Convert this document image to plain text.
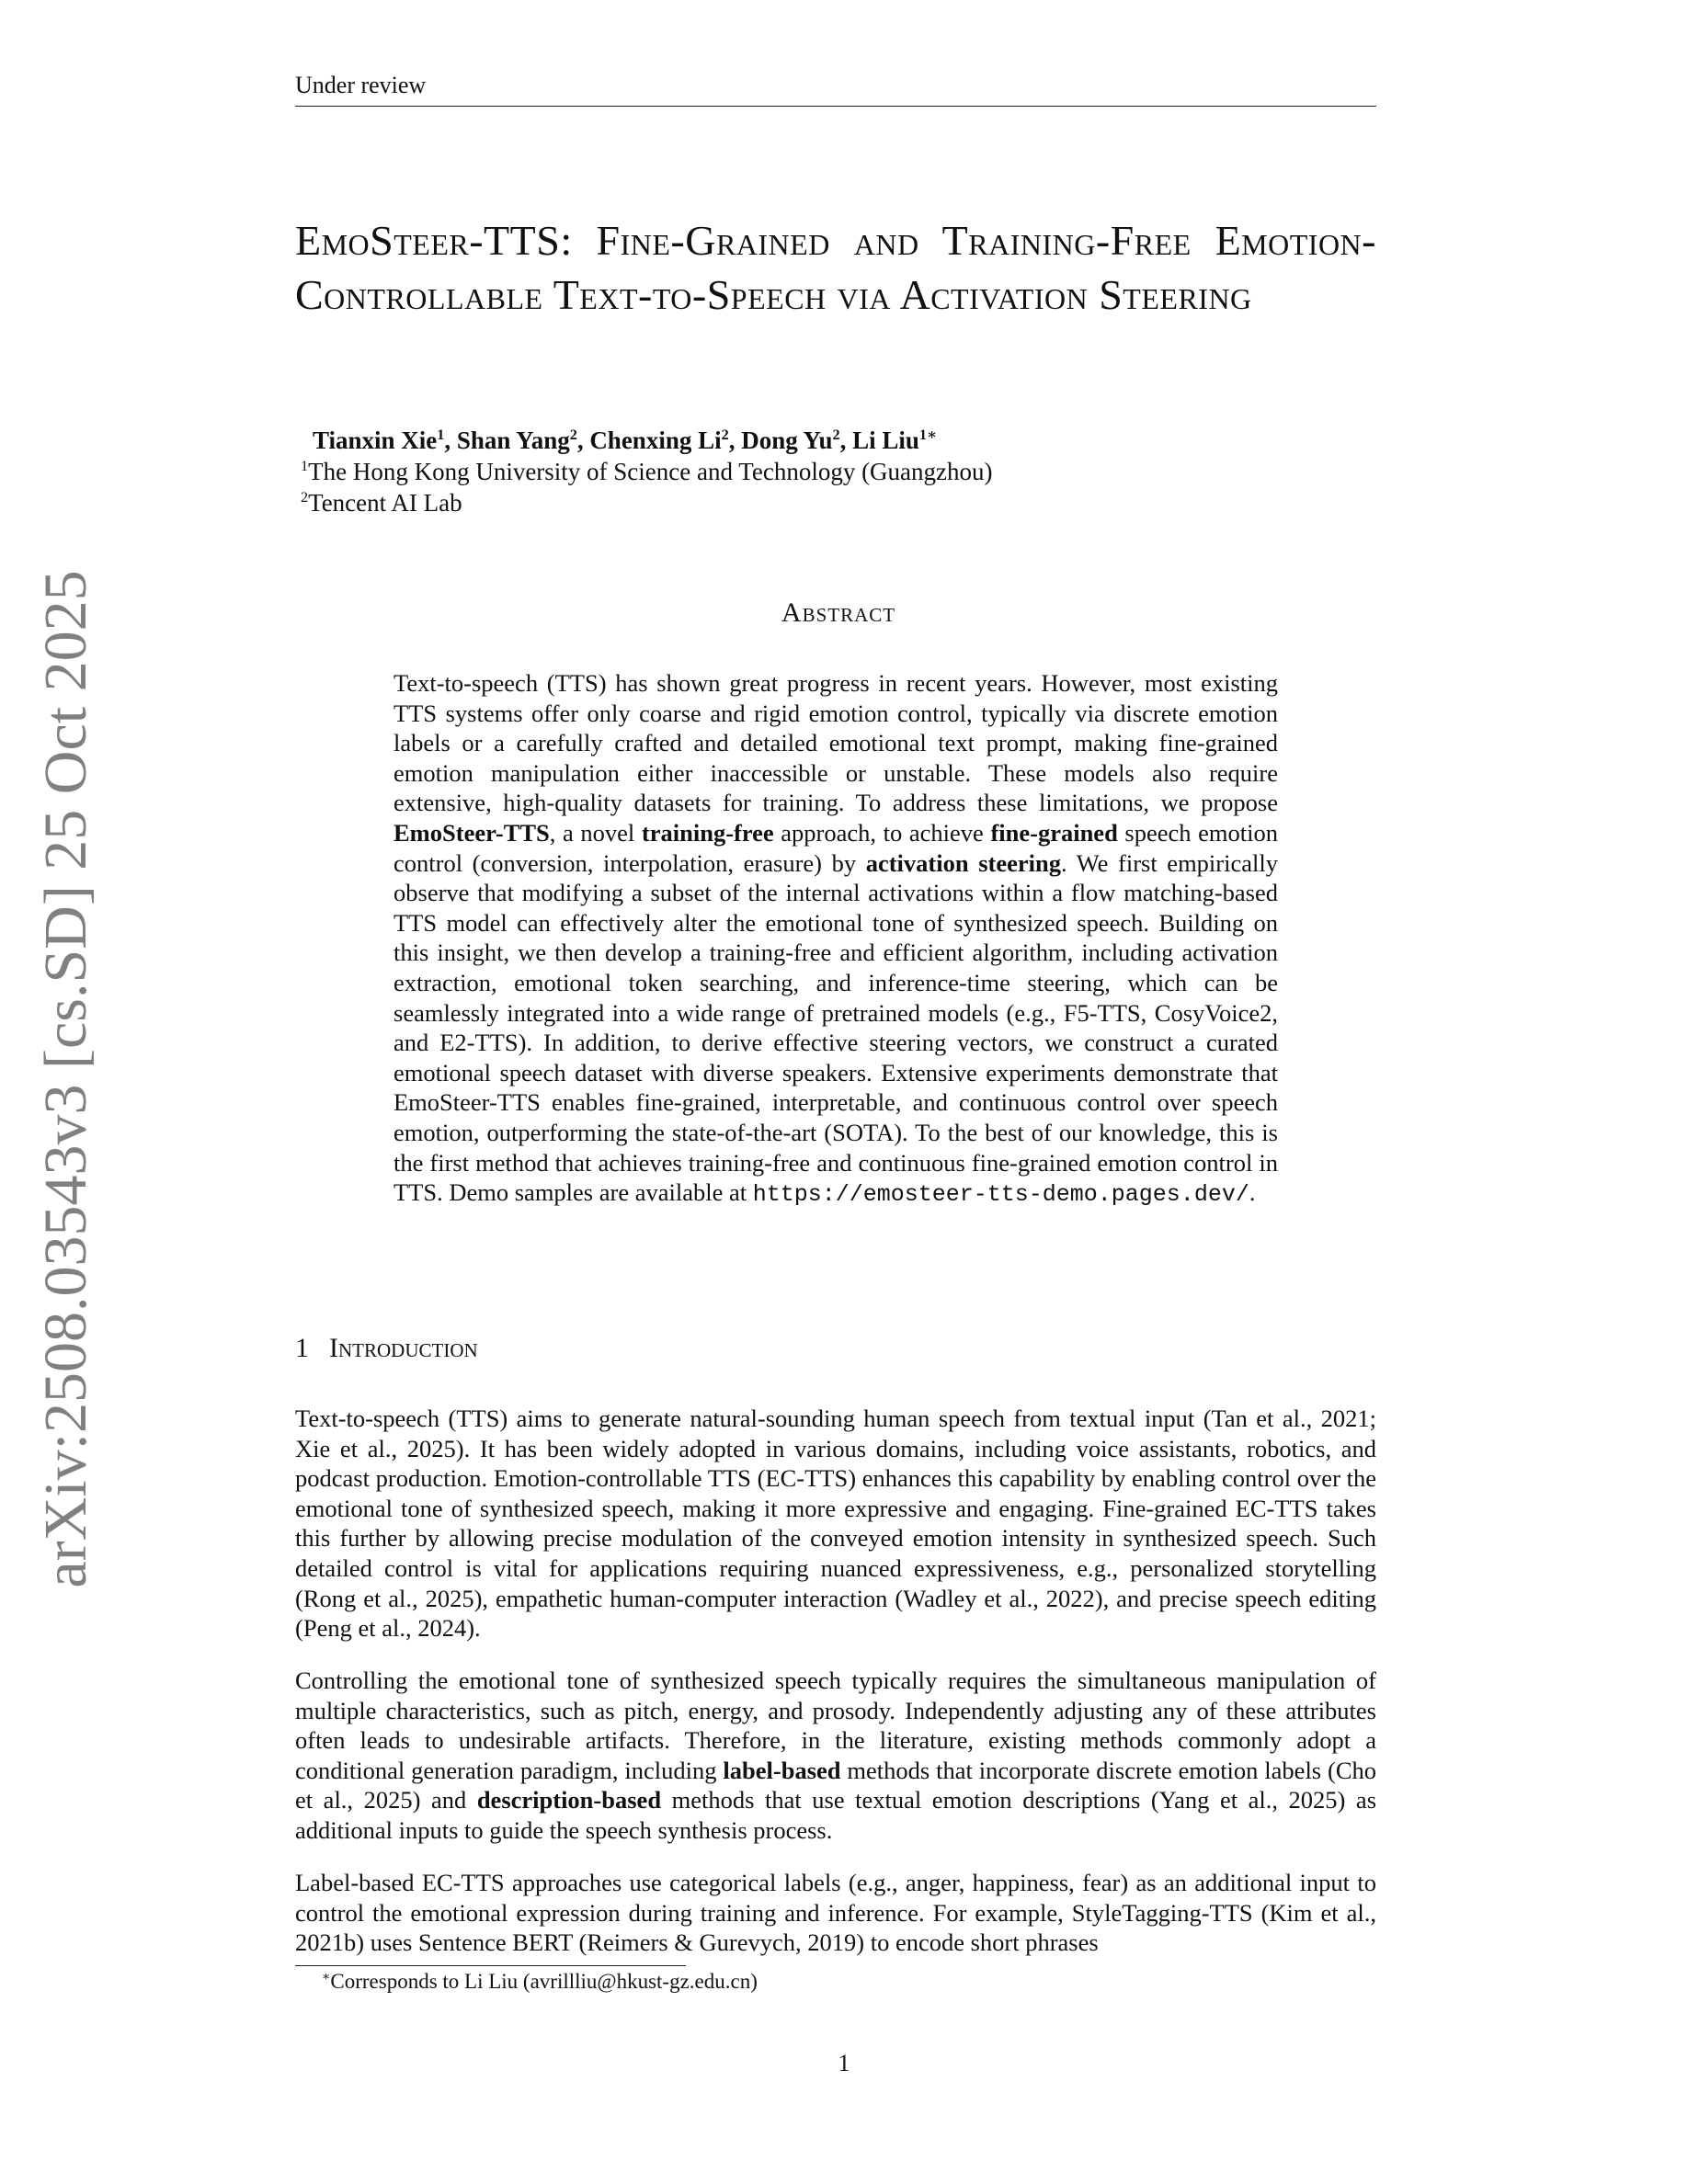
arXiv:2508.03543v3 [cs.SD] 25 Oct 2025
Under review
EmoSteer-TTS: Fine-Grained and Training-Free Emotion-Controllable Text-to-Speech via Activation Steering
Tianxin Xie$^1$, Shan Yang$^2$, Chenxing Li$^2$, Dong Yu$^2$, Li Liu$^{1∗}$
$^1$The Hong Kong University of Science and Technology (Guangzhou)
$^2$Tencent AI Lab
Abstract
Text-to-speech (TTS) has shown great progress in recent years. However, most existing TTS systems offer only coarse and rigid emotion control, typically via discrete emotion labels or a carefully crafted and detailed emotional text prompt, making fine-grained emotion manipulation either inaccessible or unstable. These models also require extensive, high-quality datasets for training. To address these limitations, we propose EmoSteer-TTS, a novel training-free approach, to achieve fine-grained speech emotion control (conversion, interpolation, erasure) by activation steering. We first empirically observe that modifying a subset of the internal activations within a flow matching-based TTS model can effectively alter the emotional tone of synthesized speech. Building on this insight, we then develop a training-free and efficient algorithm, including activation extraction, emotional token searching, and inference-time steering, which can be seamlessly integrated into a wide range of pretrained models (e.g., F5-TTS, CosyVoice2, and E2-TTS). In addition, to derive effective steering vectors, we construct a curated emotional speech dataset with diverse speakers. Extensive experiments demonstrate that EmoSteer-TTS enables fine-grained, interpretable, and continuous control over speech emotion, outperforming the state-of-the-art (SOTA). To the best of our knowledge, this is the first method that achieves training-free and continuous fine-grained emotion control in TTS. Demo samples are available at https://emosteer-tts-demo.pages.dev/.
1 Introduction
Text-to-speech (TTS) aims to generate natural-sounding human speech from textual input (Tan et al., 2021; Xie et al., 2025). It has been widely adopted in various domains, including voice assistants, robotics, and podcast production. Emotion-controllable TTS (EC-TTS) enhances this capability by enabling control over the emotional tone of synthesized speech, making it more expressive and engaging. Fine-grained EC-TTS takes this further by allowing precise modulation of the conveyed emotion intensity in synthesized speech. Such detailed control is vital for applications requiring nuanced expressiveness, e.g., personalized storytelling (Rong et al., 2025), empathetic human-computer interaction (Wadley et al., 2022), and precise speech editing (Peng et al., 2024).
Controlling the emotional tone of synthesized speech typically requires the simultaneous manipulation of multiple characteristics, such as pitch, energy, and prosody. Independently adjusting any of these attributes often leads to undesirable artifacts. Therefore, in the literature, existing methods commonly adopt a conditional generation paradigm, including label-based methods that incorporate discrete emotion labels (Cho et al., 2025) and description-based methods that use textual emotion descriptions (Yang et al., 2025) as additional inputs to guide the speech synthesis process.
Label-based EC-TTS approaches use categorical labels (e.g., anger, happiness, fear) as an additional input to control the emotional expression during training and inference. For example, StyleTagging-TTS (Kim et al., 2021b) uses Sentence BERT (Reimers & Gurevych, 2019) to encode short phrases
∗Corresponds to Li Liu (avrillliu@hkust-gz.edu.cn)
1
